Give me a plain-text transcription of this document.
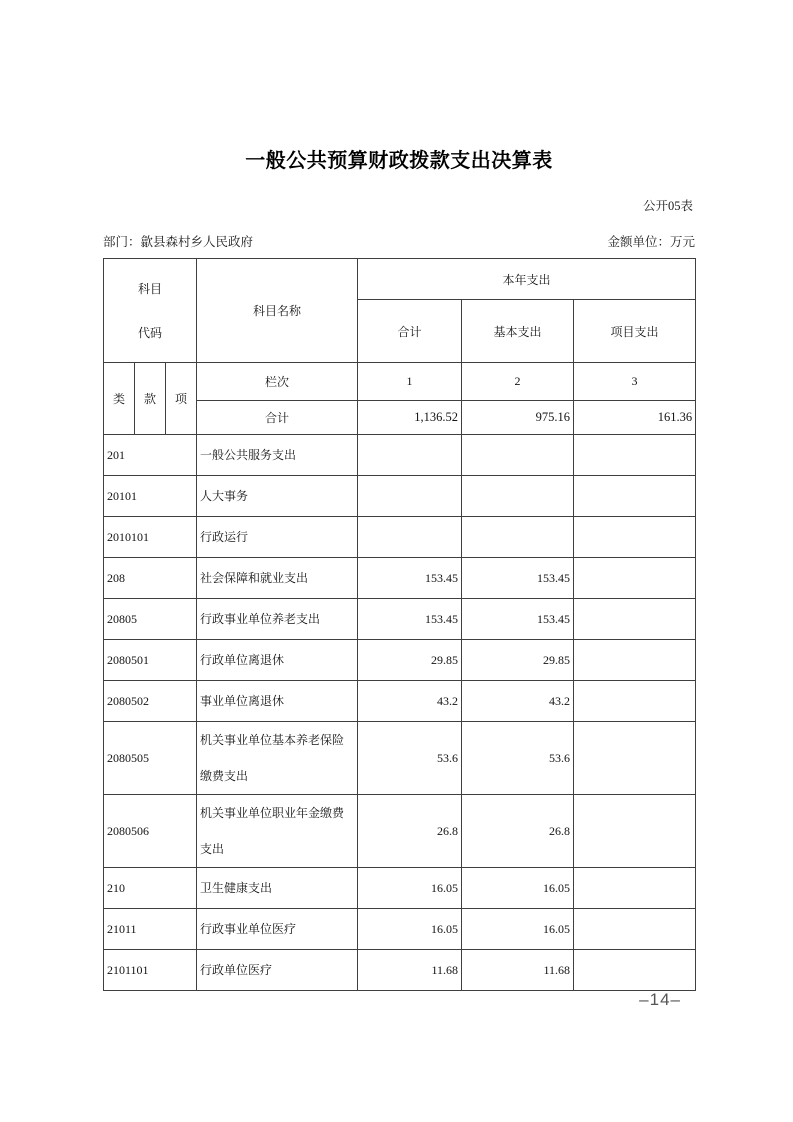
一般公共预算财政拨款支出决算表
公开05表
部门：歙县森村乡人民政府	金额单位：万元
科目
代码			科目名称	本年支出		
				合计	基本支出	项目支出
类	款	项	栏次	1	2	3
			合计	1,136.52	975.16	161.36
201			一般公共服务支出			
20101			人大事务			
2010101			行政运行			
208			社会保障和就业支出	153.45	153.45	
20805			行政事业单位养老支出	153.45	153.45	
2080501			行政单位离退休	29.85	29.85	
2080502			事业单位离退休	43.2	43.2	
2080505			机关事业单位基本养老保险缴费支出	53.6	53.6	
2080506			机关事业单位职业年金缴费支出	26.8	26.8	
210			卫生健康支出	16.05	16.05	
21011			行政事业单位医疗	16.05	16.05	
2101101			行政单位医疗	11.68	11.68	
–14–
